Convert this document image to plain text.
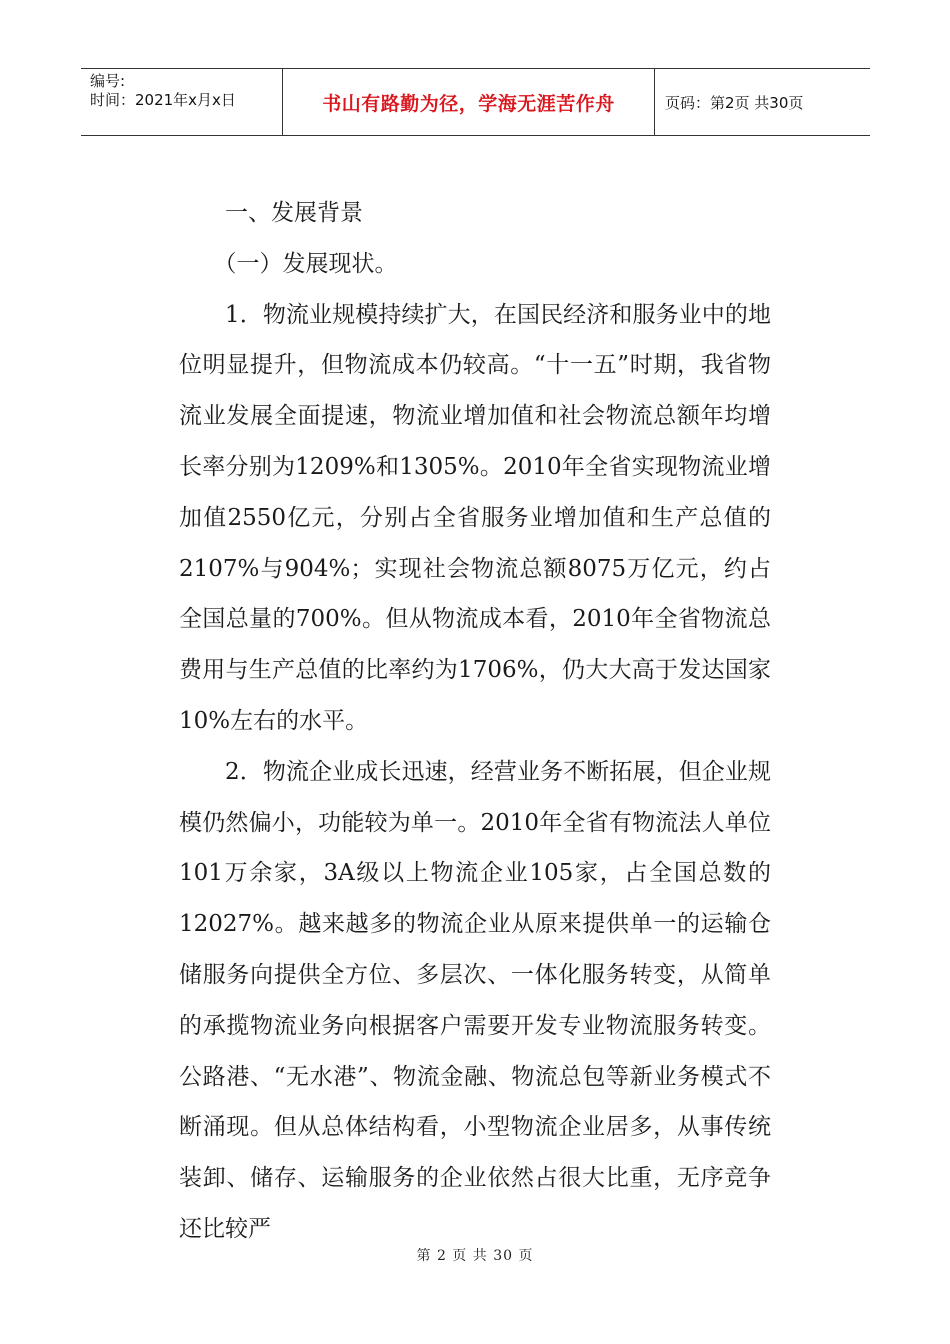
编号:
时间：2021年x月x日	书山有路勤为径，学海无涯苦作舟	页码：第2页 共30页

一、发展背景

（一）发展现状。

1．物流业规模持续扩大，在国民经济和服务业中的地位明显提升，但物流成本仍较高。“十一五”时期，我省物流业发展全面提速，物流业增加值和社会物流总额年均增长率分别为1209%和1305%。2010年全省实现物流业增加值2550亿元，分别占全省服务业增加值和生产总值的2107%与904%；实现社会物流总额8075万亿元，约占全国总量的700%。但从物流成本看，2010年全省物流总费用与生产总值的比率约为1706%，仍大大高于发达国家10%左右的水平。

2．物流企业成长迅速，经营业务不断拓展，但企业规模仍然偏小，功能较为单一。2010年全省有物流法人单位101万余家，3A级以上物流企业105家，占全国总数的12027%。越来越多的物流企业从原来提供单一的运输仓储服务向提供全方位、多层次、一体化服务转变，从简单的承揽物流业务向根据客户需要开发专业物流服务转变。公路港、“无水港”、物流金融、物流总包等新业务模式不断涌现。但从总体结构看，小型物流企业居多，从事传统装卸、储存、运输服务的企业依然占很大比重，无序竞争还比较严

第 2 页 共 30 页
